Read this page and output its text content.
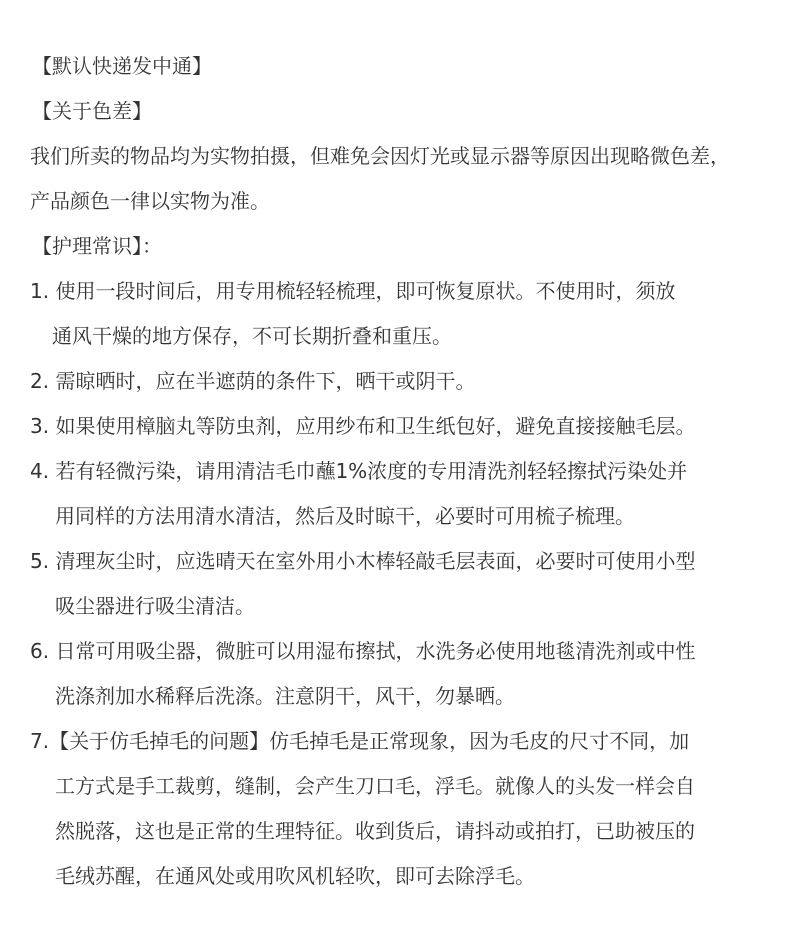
【默认快递发中通】
【关于色差】
我们所卖的物品均为实物拍摄，但难免会因灯光或显示器等原因出现略微色差，
产品颜色一律以实物为准。
【护理常识】：
1. 使用一段时间后，用专用梳轻轻梳理，即可恢复原状。不使用时，须放
通风干燥的地方保存，不可长期折叠和重压。
2. 需晾晒时，应在半遮荫的条件下，晒干或阴干。
3. 如果使用樟脑丸等防虫剂，应用纱布和卫生纸包好，避免直接接触毛层。
4. 若有轻微污染，请用清洁毛巾蘸1%浓度的专用清洗剂轻轻擦拭污染处并
用同样的方法用清水清洁，然后及时晾干，必要时可用梳子梳理。
5. 清理灰尘时，应选晴天在室外用小木棒轻敲毛层表面，必要时可使用小型
吸尘器进行吸尘清洁。
6. 日常可用吸尘器，微脏可以用湿布擦拭，水洗务必使用地毯清洗剂或中性
洗涤剂加水稀释后洗涤。注意阴干，风干，勿暴晒。
7.【关于仿毛掉毛的问题】仿毛掉毛是正常现象，因为毛皮的尺寸不同，加
工方式是手工裁剪，缝制，会产生刀口毛，浮毛。就像人的头发一样会自
然脱落，这也是正常的生理特征。收到货后，请抖动或拍打，已助被压的
毛绒苏醒，在通风处或用吹风机轻吹，即可去除浮毛。
